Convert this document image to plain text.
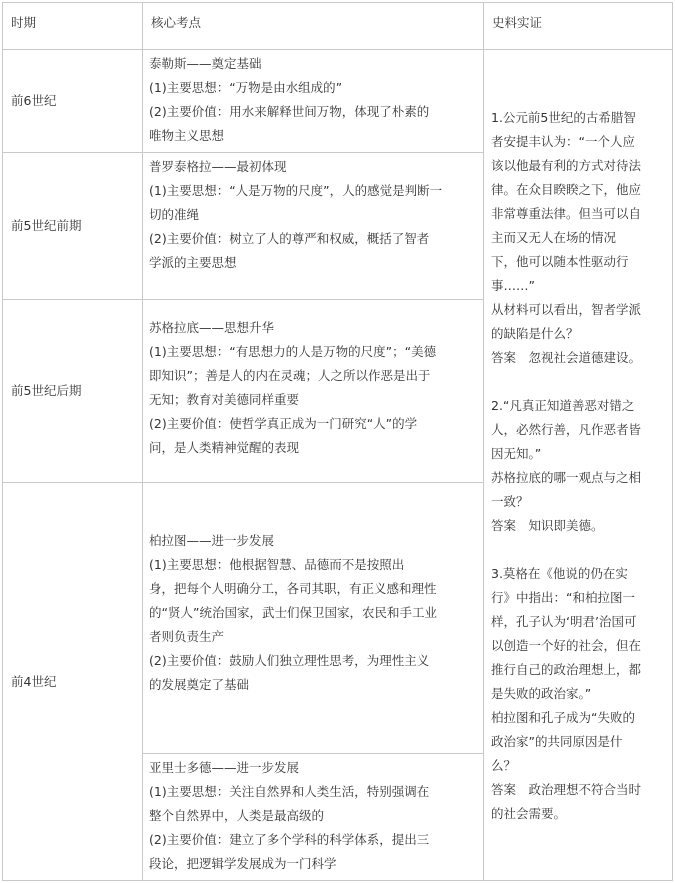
时期	核心考点	史料实证
前6世纪
泰勒斯——奠定基础
(1)主要思想：“万物是由水组成的”
(2)主要价值：用水来解释世间万物，体现了朴素的
唯物主义思想
前5世纪前期
普罗泰格拉——最初体现
(1)主要思想：“人是万物的尺度”，人的感觉是判断一
切的准绳
(2)主要价值：树立了人的尊严和权威，概括了智者
学派的主要思想
前5世纪后期
苏格拉底——思想升华
(1)主要思想：“有思想力的人是万物的尺度”；“美德
即知识”；善是人的内在灵魂；人之所以作恶是出于
无知；教育对美德同样重要
(2)主要价值：使哲学真正成为一门研究“人”的学
问，是人类精神觉醒的表现
前4世纪
柏拉图——进一步发展
(1)主要思想：他根据智慧、品德而不是按照出
身，把每个人明确分工，各司其职，有正义感和理性
的“贤人”统治国家，武士们保卫国家，农民和手工业
者则负责生产
(2)主要价值：鼓励人们独立理性思考，为理性主义
的发展奠定了基础
亚里士多德——进一步发展
(1)主要思想：关注自然界和人类生活，特别强调在
整个自然界中，人类是最高级的
(2)主要价值：建立了多个学科的科学体系，提出三
段论，把逻辑学发展成为一门科学
1.公元前5世纪的古希腊智
者安提丰认为：“一个人应
该以他最有利的方式对待法
律。在众目睽睽之下，他应
非常尊重法律。但当可以自
主而又无人在场的情况
下，他可以随本性驱动行
事……”
从材料可以看出，智者学派
的缺陷是什么？
答案　忽视社会道德建设。
2.“凡真正知道善恶对错之
人，必然行善，凡作恶者皆
因无知。”
苏格拉底的哪一观点与之相
一致？
答案　知识即美德。
3.莫格在《他说的仍在实
行》中指出：“和柏拉图一
样，孔子认为‘明君’治国可
以创造一个好的社会，但在
推行自己的政治理想上，都
是失败的政治家。”
柏拉图和孔子成为“失败的
政治家”的共同原因是什
么？
答案　政治理想不符合当时
的社会需要。
